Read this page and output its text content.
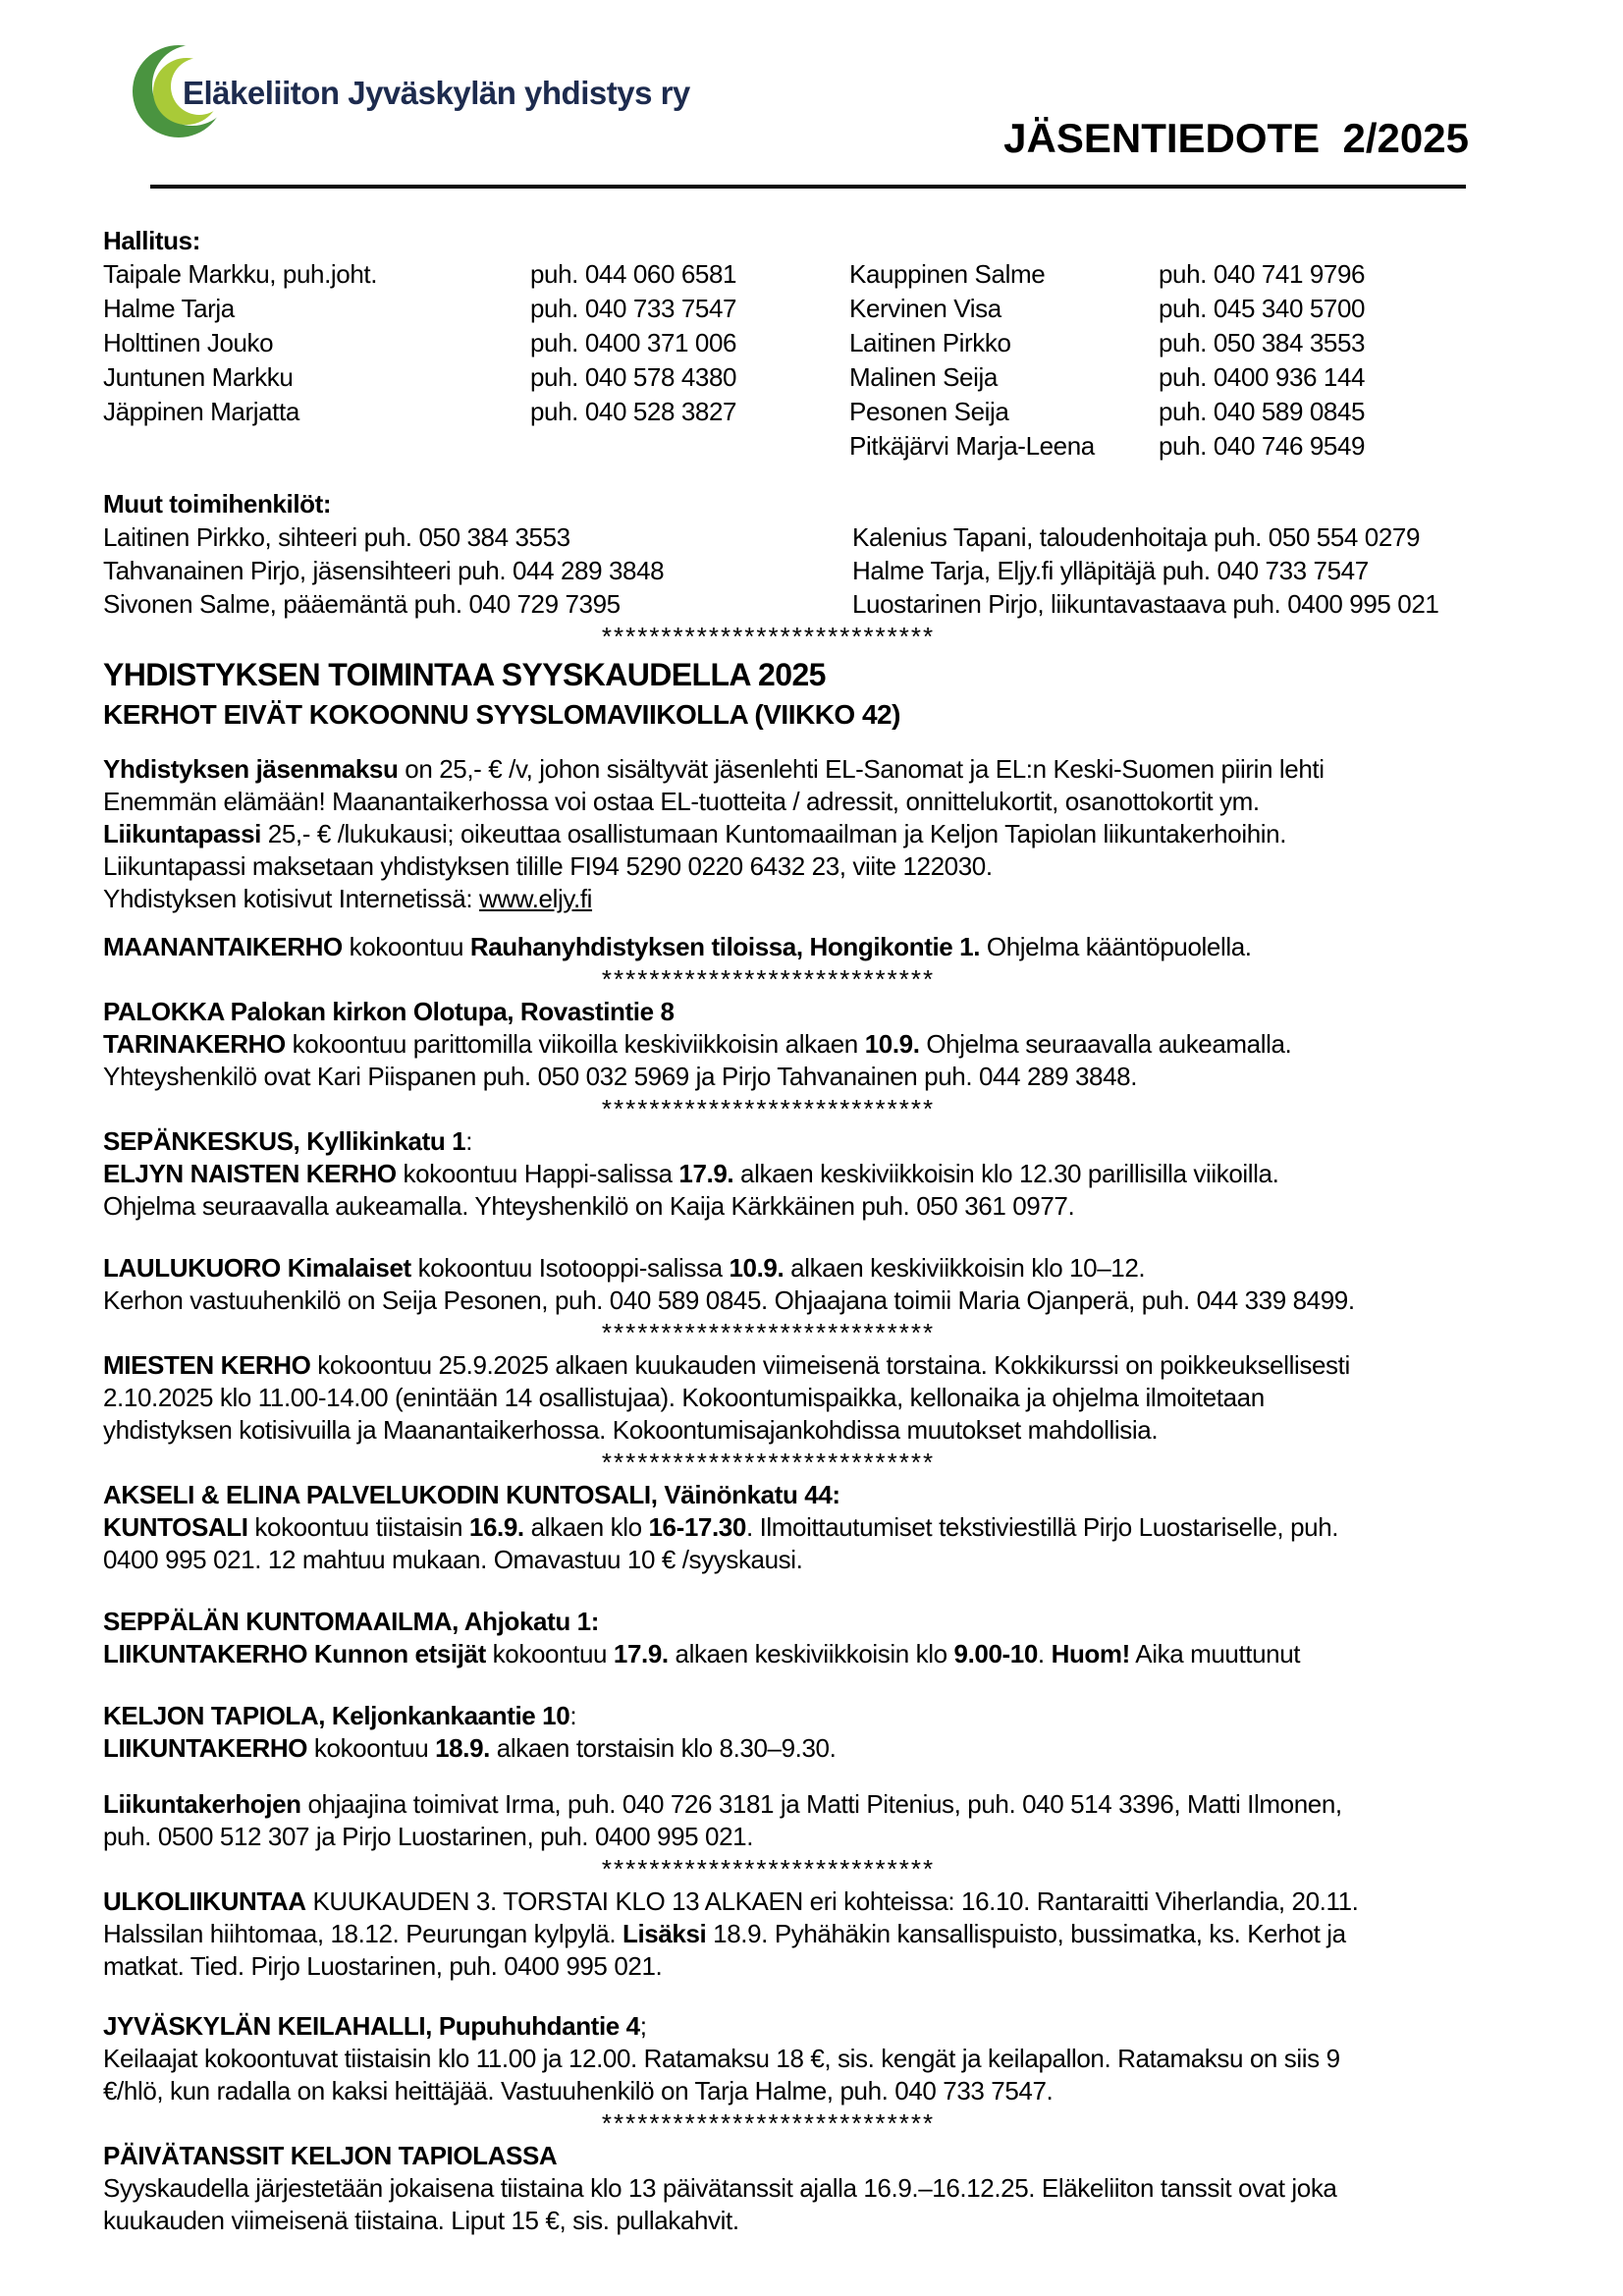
Eläkeliiton Jyväskylän yhdistys ry
JÄSENTIEDOTE  2/2025
Hallitus:
Taipale Markku, puh.joht.	puh. 044 060 6581	Kauppinen Salme	puh. 040 741 9796
Halme Tarja	puh. 040 733 7547	Kervinen Visa	puh. 045 340 5700
Holttinen Jouko	puh. 0400 371 006	Laitinen Pirkko	puh. 050 384 3553
Juntunen Markku	puh. 040 578 4380	Malinen Seija	puh. 0400 936 144
Jäppinen Marjatta	puh. 040 528 3827	Pesonen Seija	puh. 040 589 0845
Pitkäjärvi Marja-Leena	puh. 040 746 9549
Muut toimihenkilöt:
Laitinen Pirkko, sihteeri puh. 050 384 3553	Kalenius Tapani, taloudenhoitaja puh. 050 554 0279
Tahvanainen Pirjo, jäsensihteeri puh. 044 289 3848	Halme Tarja, Eljy.fi ylläpitäjä puh. 040 733 7547
Sivonen Salme, pääemäntä puh. 040 729 7395	Luostarinen Pirjo, liikuntavastaava puh. 0400 995 021
****************************
YHDISTYKSEN TOIMINTAA SYYSKAUDELLA 2025
KERHOT EIVÄT KOKOONNU SYYSLOMAVIIKOLLA (VIIKKO 42)
Yhdistyksen jäsenmaksu on 25,- € /v, johon sisältyvät jäsenlehti EL-Sanomat ja EL:n Keski-Suomen piirin lehti
Enemmän elämään! Maanantaikerhossa voi ostaa EL-tuotteita / adressit, onnittelukortit, osanottokortit ym.
Liikuntapassi 25,- € /lukukausi; oikeuttaa osallistumaan Kuntomaailman ja Keljon Tapiolan liikuntakerhoihin.
Liikuntapassi maksetaan yhdistyksen tilille FI94 5290 0220 6432 23, viite 122030.
Yhdistyksen kotisivut Internetissä: www.eljy.fi
MAANANTAIKERHO kokoontuu Rauhanyhdistyksen tiloissa, Hongikontie 1. Ohjelma kääntöpuolella.
****************************
PALOKKA Palokan kirkon Olotupa, Rovastintie 8
TARINAKERHO kokoontuu parittomilla viikoilla keskiviikkoisin alkaen 10.9. Ohjelma seuraavalla aukeamalla.
Yhteyshenkilö ovat Kari Piispanen puh. 050 032 5969 ja Pirjo Tahvanainen puh. 044 289 3848.
****************************
SEPÄNKESKUS, Kyllikinkatu 1:
ELJYN NAISTEN KERHO kokoontuu Happi-salissa 17.9. alkaen keskiviikkoisin klo 12.30 parillisilla viikoilla.
Ohjelma seuraavalla aukeamalla. Yhteyshenkilö on Kaija Kärkkäinen puh. 050 361 0977.
LAULUKUORO Kimalaiset kokoontuu Isotooppi-salissa 10.9. alkaen keskiviikkoisin klo 10–12.
Kerhon vastuuhenkilö on Seija Pesonen, puh. 040 589 0845. Ohjaajana toimii Maria Ojanperä, puh. 044 339 8499.
****************************
MIESTEN KERHO kokoontuu 25.9.2025 alkaen kuukauden viimeisenä torstaina. Kokkikurssi on poikkeuksellisesti
2.10.2025 klo 11.00-14.00 (enintään 14 osallistujaa). Kokoontumispaikka, kellonaika ja ohjelma ilmoitetaan
yhdistyksen kotisivuilla ja Maanantaikerhossa. Kokoontumisajankohdissa muutokset mahdollisia.
****************************
AKSELI & ELINA PALVELUKODIN KUNTOSALI, Väinönkatu 44:
KUNTOSALI kokoontuu tiistaisin 16.9. alkaen klo 16-17.30. Ilmoittautumiset tekstiviestillä Pirjo Luostariselle, puh.
0400 995 021. 12 mahtuu mukaan. Omavastuu 10 € /syyskausi.
SEPPÄLÄN KUNTOMAAILMA, Ahjokatu 1:
LIIKUNTAKERHO Kunnon etsijät kokoontuu 17.9. alkaen keskiviikkoisin klo 9.00-10. Huom! Aika muuttunut
KELJON TAPIOLA, Keljonkankaantie 10:
LIIKUNTAKERHO kokoontuu 18.9. alkaen torstaisin klo 8.30–9.30.
Liikuntakerhojen ohjaajina toimivat Irma, puh. 040 726 3181 ja Matti Pitenius, puh. 040 514 3396, Matti Ilmonen,
puh. 0500 512 307 ja Pirjo Luostarinen, puh. 0400 995 021.
****************************
ULKOLIIKUNTAA KUUKAUDEN 3. TORSTAI KLO 13 ALKAEN eri kohteissa: 16.10. Rantaraitti Viherlandia, 20.11.
Halssilan hiihtomaa, 18.12. Peurungan kylpylä. Lisäksi 18.9. Pyhähäkin kansallispuisto, bussimatka, ks. Kerhot ja
matkat. Tied. Pirjo Luostarinen, puh. 0400 995 021.
JYVÄSKYLÄN KEILAHALLI, Pupuhuhdantie 4;
Keilaajat kokoontuvat tiistaisin klo 11.00 ja 12.00. Ratamaksu 18 €, sis. kengät ja keilapallon. Ratamaksu on siis 9
€/hlö, kun radalla on kaksi heittäjää. Vastuuhenkilö on Tarja Halme, puh. 040 733 7547.
****************************
PÄIVÄTANSSIT KELJON TAPIOLASSA
Syyskaudella järjestetään jokaisena tiistaina klo 13 päivätanssit ajalla 16.9.–16.12.25. Eläkeliiton tanssit ovat joka
kuukauden viimeisenä tiistaina. Liput 15 €, sis. pullakahvit.
